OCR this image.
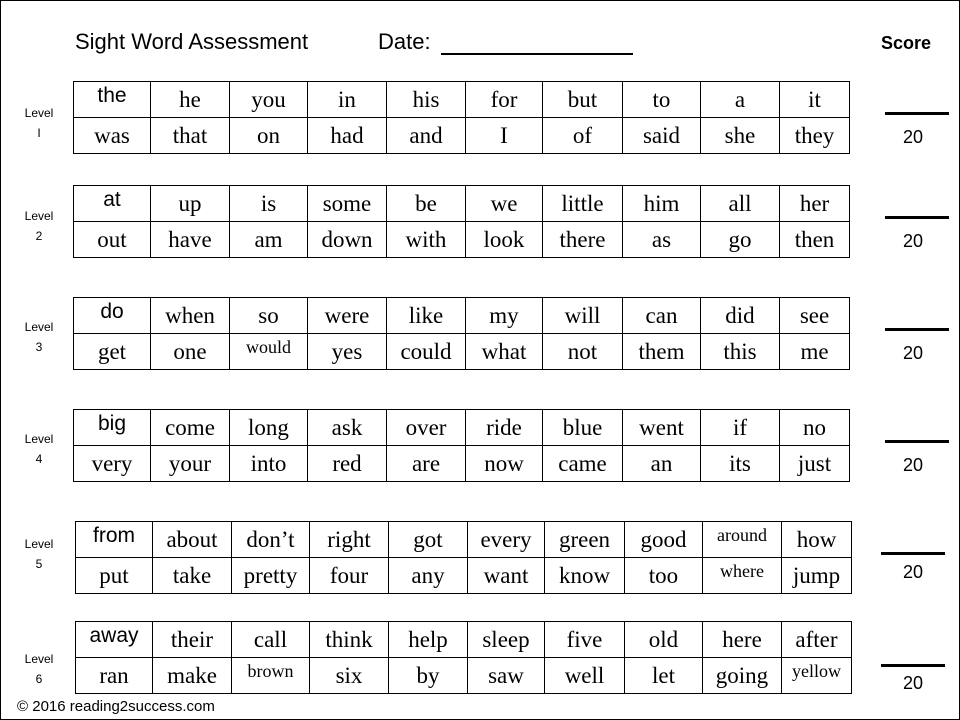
Sight Word Assessment	Date:	Score
Level
I
the	he	you	in	his	for	but	to	a	it
was	that	on	had	and	I	of	said	she	they	20
Level
2
at	up	is	some	be	we	little	him	all	her
out	have	am	down	with	look	there	as	go	then	20
Level
3
do	when	so	were	like	my	will	can	did	see
get	one	would	yes	could	what	not	them	this	me	20
Level
4
big	come	long	ask	over	ride	blue	went	if	no
very	your	into	red	are	now	came	an	its	just	20
Level
5
from	about	don’t	right	got	every	green	good	around	how
put	take	pretty	four	any	want	know	too	where	jump	20
Level
6
away	their	call	think	help	sleep	five	old	here	after
ran	make	brown	six	by	saw	well	let	going	yellow
20
© 2016 reading2success.com
